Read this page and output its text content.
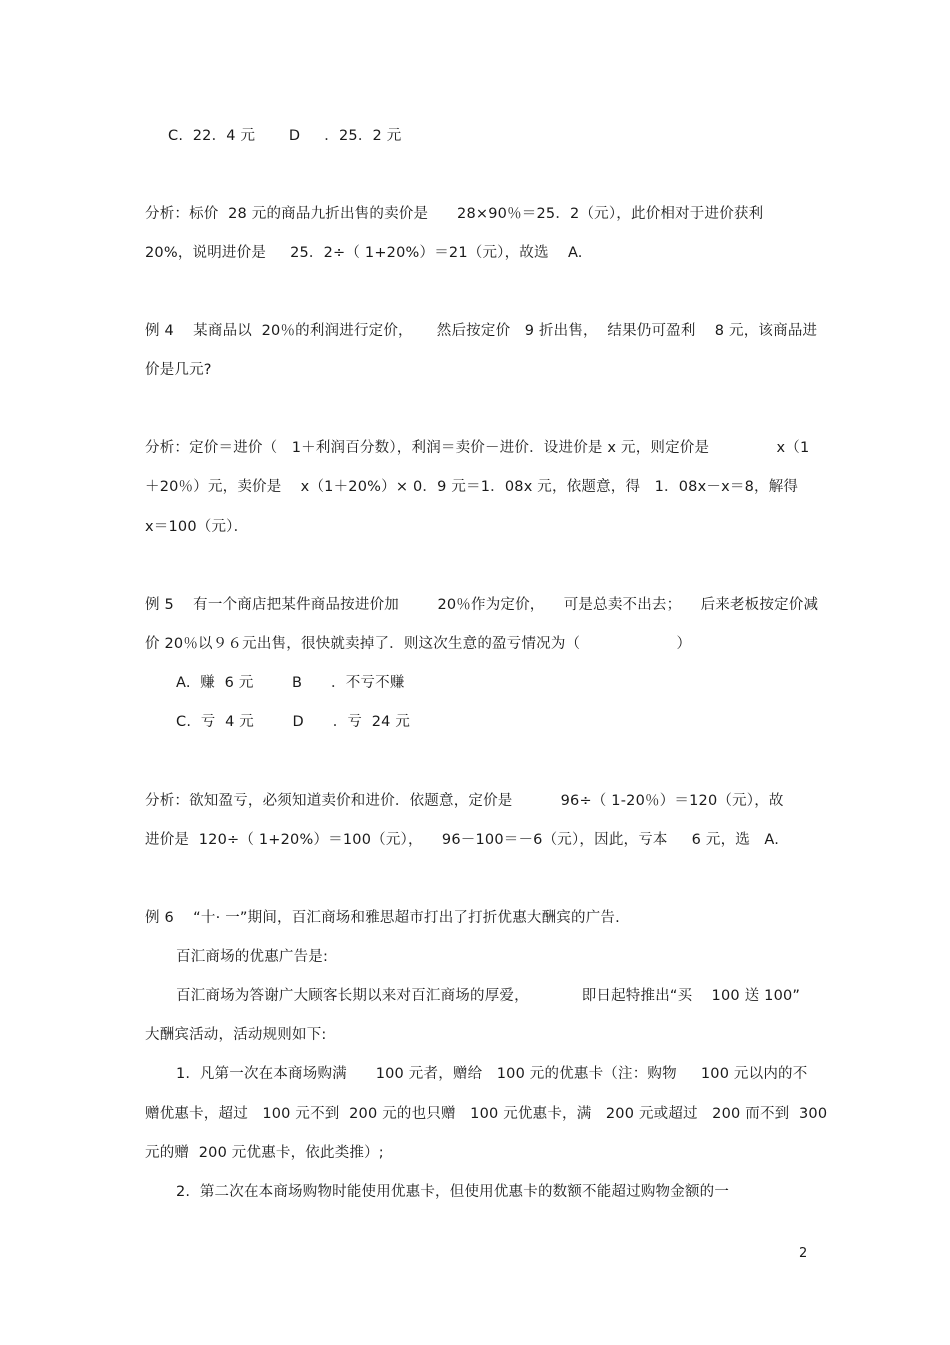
C.  22．4 元       D     ．25．2 元
分析：标价  28 元的商品九折出售的卖价是      28×90％＝25．2（元），此价相对于进价获利
20%，说明进价是     25．2÷（ 1+20%）＝21（元），故选    A.
例 4    某商品以  20％的利润进行定价，     然后按定价   9 折出售，  结果仍可盈利    8 元，该商品进
价是几元?
分析：定价＝进价（   1＋利润百分数），利润＝卖价－进价．设进价是 x 元，则定价是              x（1
＋20％）元，卖价是    x（1＋20%）× 0．9 元＝1．08x 元，依题意，得   1．08x－x＝8，解得
x＝100（元）．
例 5    有一个商店把某件商品按进价加        20％作为定价，    可是总卖不出去；    后来老板按定价减
价 20％以９６元出售，很快就卖掉了．则这次生意的盈亏情况为（                    ）
A.  赚  6 元        B      ．不亏不赚
C.  亏  4 元        D      ．亏  24 元
分析：欲知盈亏，必须知道卖价和进价．依题意，定价是          96÷（ 1-20％）＝120（元），故
进价是  120÷（ 1+20%）＝100（元），    96－100＝－6（元），因此，亏本     6 元，选   A.
例 6    “十· 一”期间，百汇商场和雅思超市打出了打折优惠大酬宾的广告.
百汇商场的优惠广告是:
百汇商场为答谢广大顾客长期以来对百汇商场的厚爱，           即日起特推出“买    100 送 100”
大酬宾活动，活动规则如下:
1.  凡第一次在本商场购满      100 元者，赠给   100 元的优惠卡（注：购物     100 元以内的不
赠优惠卡，超过   100 元不到  200 元的也只赠   100 元优惠卡，满   200 元或超过   200 而不到  300
元的赠  200 元优惠卡，依此类推）;
2.  第二次在本商场购物时能使用优惠卡，但使用优惠卡的数额不能超过购物金额的一
2
